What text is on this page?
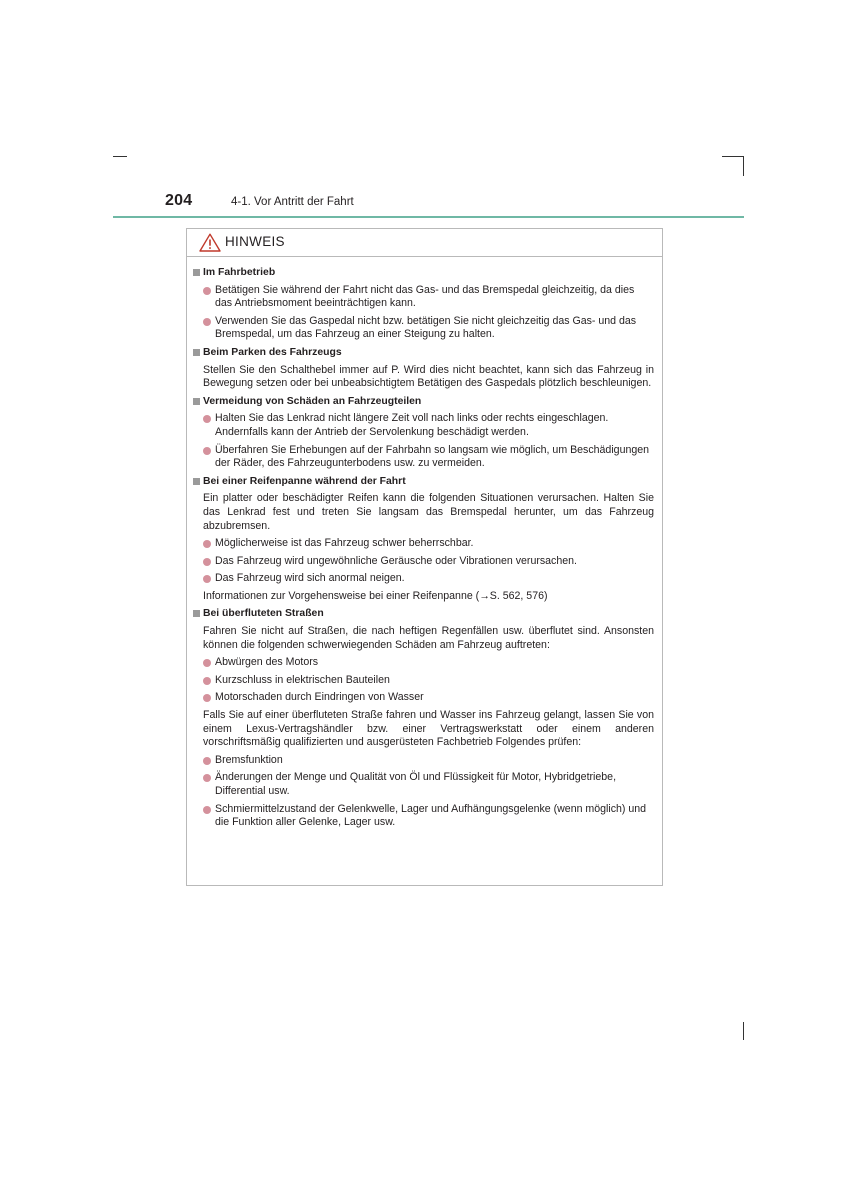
204	4-1. Vor Antritt der Fahrt
HINWEIS
Im Fahrbetrieb
Betätigen Sie während der Fahrt nicht das Gas- und das Bremspedal gleichzeitig, da dies das Antriebsmoment beeinträchtigen kann.
Verwenden Sie das Gaspedal nicht bzw. betätigen Sie nicht gleichzeitig das Gas- und das Bremspedal, um das Fahrzeug an einer Steigung zu halten.
Beim Parken des Fahrzeugs
Stellen Sie den Schalthebel immer auf P. Wird dies nicht beachtet, kann sich das Fahrzeug in Bewegung setzen oder bei unbeabsichtigtem Betätigen des Gaspedals plötzlich beschleunigen.
Vermeidung von Schäden an Fahrzeugteilen
Halten Sie das Lenkrad nicht längere Zeit voll nach links oder rechts eingeschlagen. Andernfalls kann der Antrieb der Servolenkung beschädigt werden.
Überfahren Sie Erhebungen auf der Fahrbahn so langsam wie möglich, um Beschädigungen der Räder, des Fahrzeugunterbodens usw. zu vermeiden.
Bei einer Reifenpanne während der Fahrt
Ein platter oder beschädigter Reifen kann die folgenden Situationen verursachen. Halten Sie das Lenkrad fest und treten Sie langsam das Bremspedal herunter, um das Fahrzeug abzubremsen.
Möglicherweise ist das Fahrzeug schwer beherrschbar.
Das Fahrzeug wird ungewöhnliche Geräusche oder Vibrationen verursachen.
Das Fahrzeug wird sich anormal neigen.
Informationen zur Vorgehensweise bei einer Reifenpanne (→S. 562, 576)
Bei überfluteten Straßen
Fahren Sie nicht auf Straßen, die nach heftigen Regenfällen usw. überflutet sind. Ansonsten können die folgenden schwerwiegenden Schäden am Fahrzeug auftreten:
Abwürgen des Motors
Kurzschluss in elektrischen Bauteilen
Motorschaden durch Eindringen von Wasser
Falls Sie auf einer überfluteten Straße fahren und Wasser ins Fahrzeug gelangt, lassen Sie von einem Lexus-Vertragshändler bzw. einer Vertragswerkstatt oder einem anderen vorschriftsmäßig qualifizierten und ausgerüsteten Fachbetrieb Folgendes prüfen:
Bremsfunktion
Änderungen der Menge und Qualität von Öl und Flüssigkeit für Motor, Hybridgetriebe, Differential usw.
Schmiermittelzustand der Gelenkwelle, Lager und Aufhängungsgelenke (wenn möglich) und die Funktion aller Gelenke, Lager usw.
